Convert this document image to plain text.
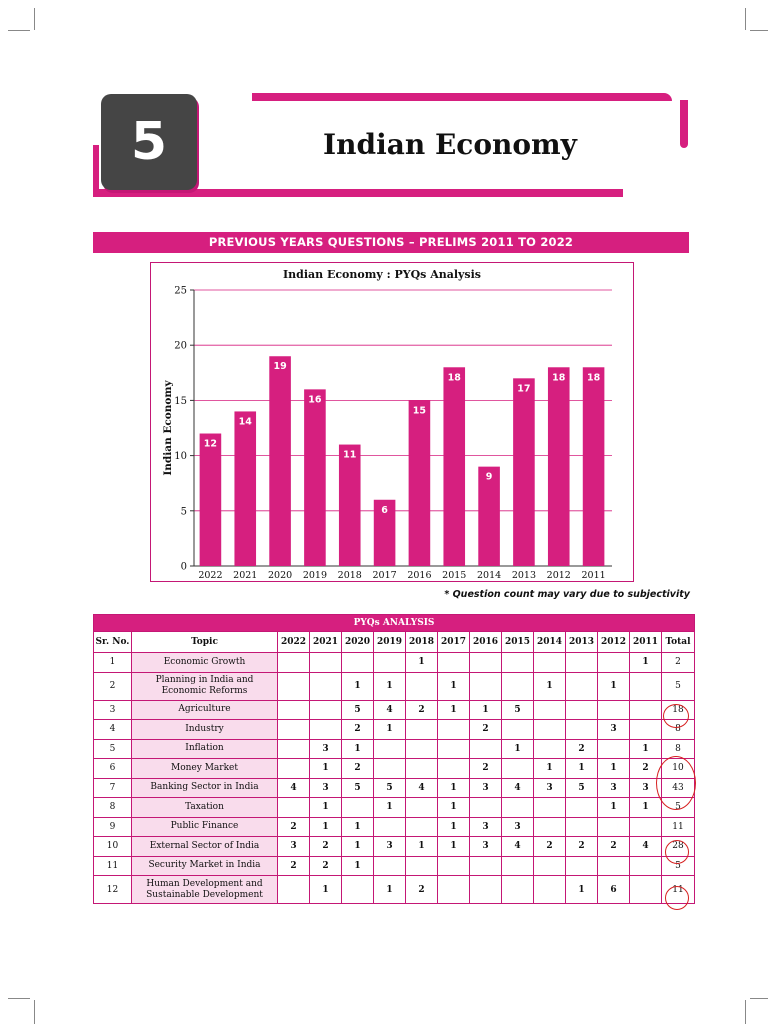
5	Indian Economy
PREVIOUS YEARS QUESTIONS – PRELIMS 2011 TO 2022
Indian Economy : PYQs Analysis
0
5
10
15
20
25
Indian Economy	12
2022
14
2021
19
2020
16
2019
11
2018
6
2017
15
2016
18
2015
9
2014
17
2013
18
2012
18
2011
* Question count may vary due to subjectivity
PYQs ANALYSIS														
Sr. No.	Topic	2022	2021	2020	2019	2018	2017	2016	2015	2014	2013	2012	2011	Total
1	Economic Growth					1							1	2
2	Planning in India and Economic Reforms			1	1		1			1		1		5
3	Agriculture			5	4	2	1	1	5					18
4	Industry			2	1			2				3		8
5	Inflation		3	1					1		2		1	8
6	Money Market		1	2				2		1	1	1	2	10
7	Banking Sector in India	4	3	5	5	4	1	3	4	3	5	3	3	43
8	Taxation		1		1		1					1	1	5
9	Public Finance	2	1	1			1	3	3					11
10	External Sector of India	3	2	1	3	1	1	3	4	2	2	2	4	28
11	Security Market in India	2	2	1										5
12	Human Development and Sustainable Development		1		1	2					1	6		11
